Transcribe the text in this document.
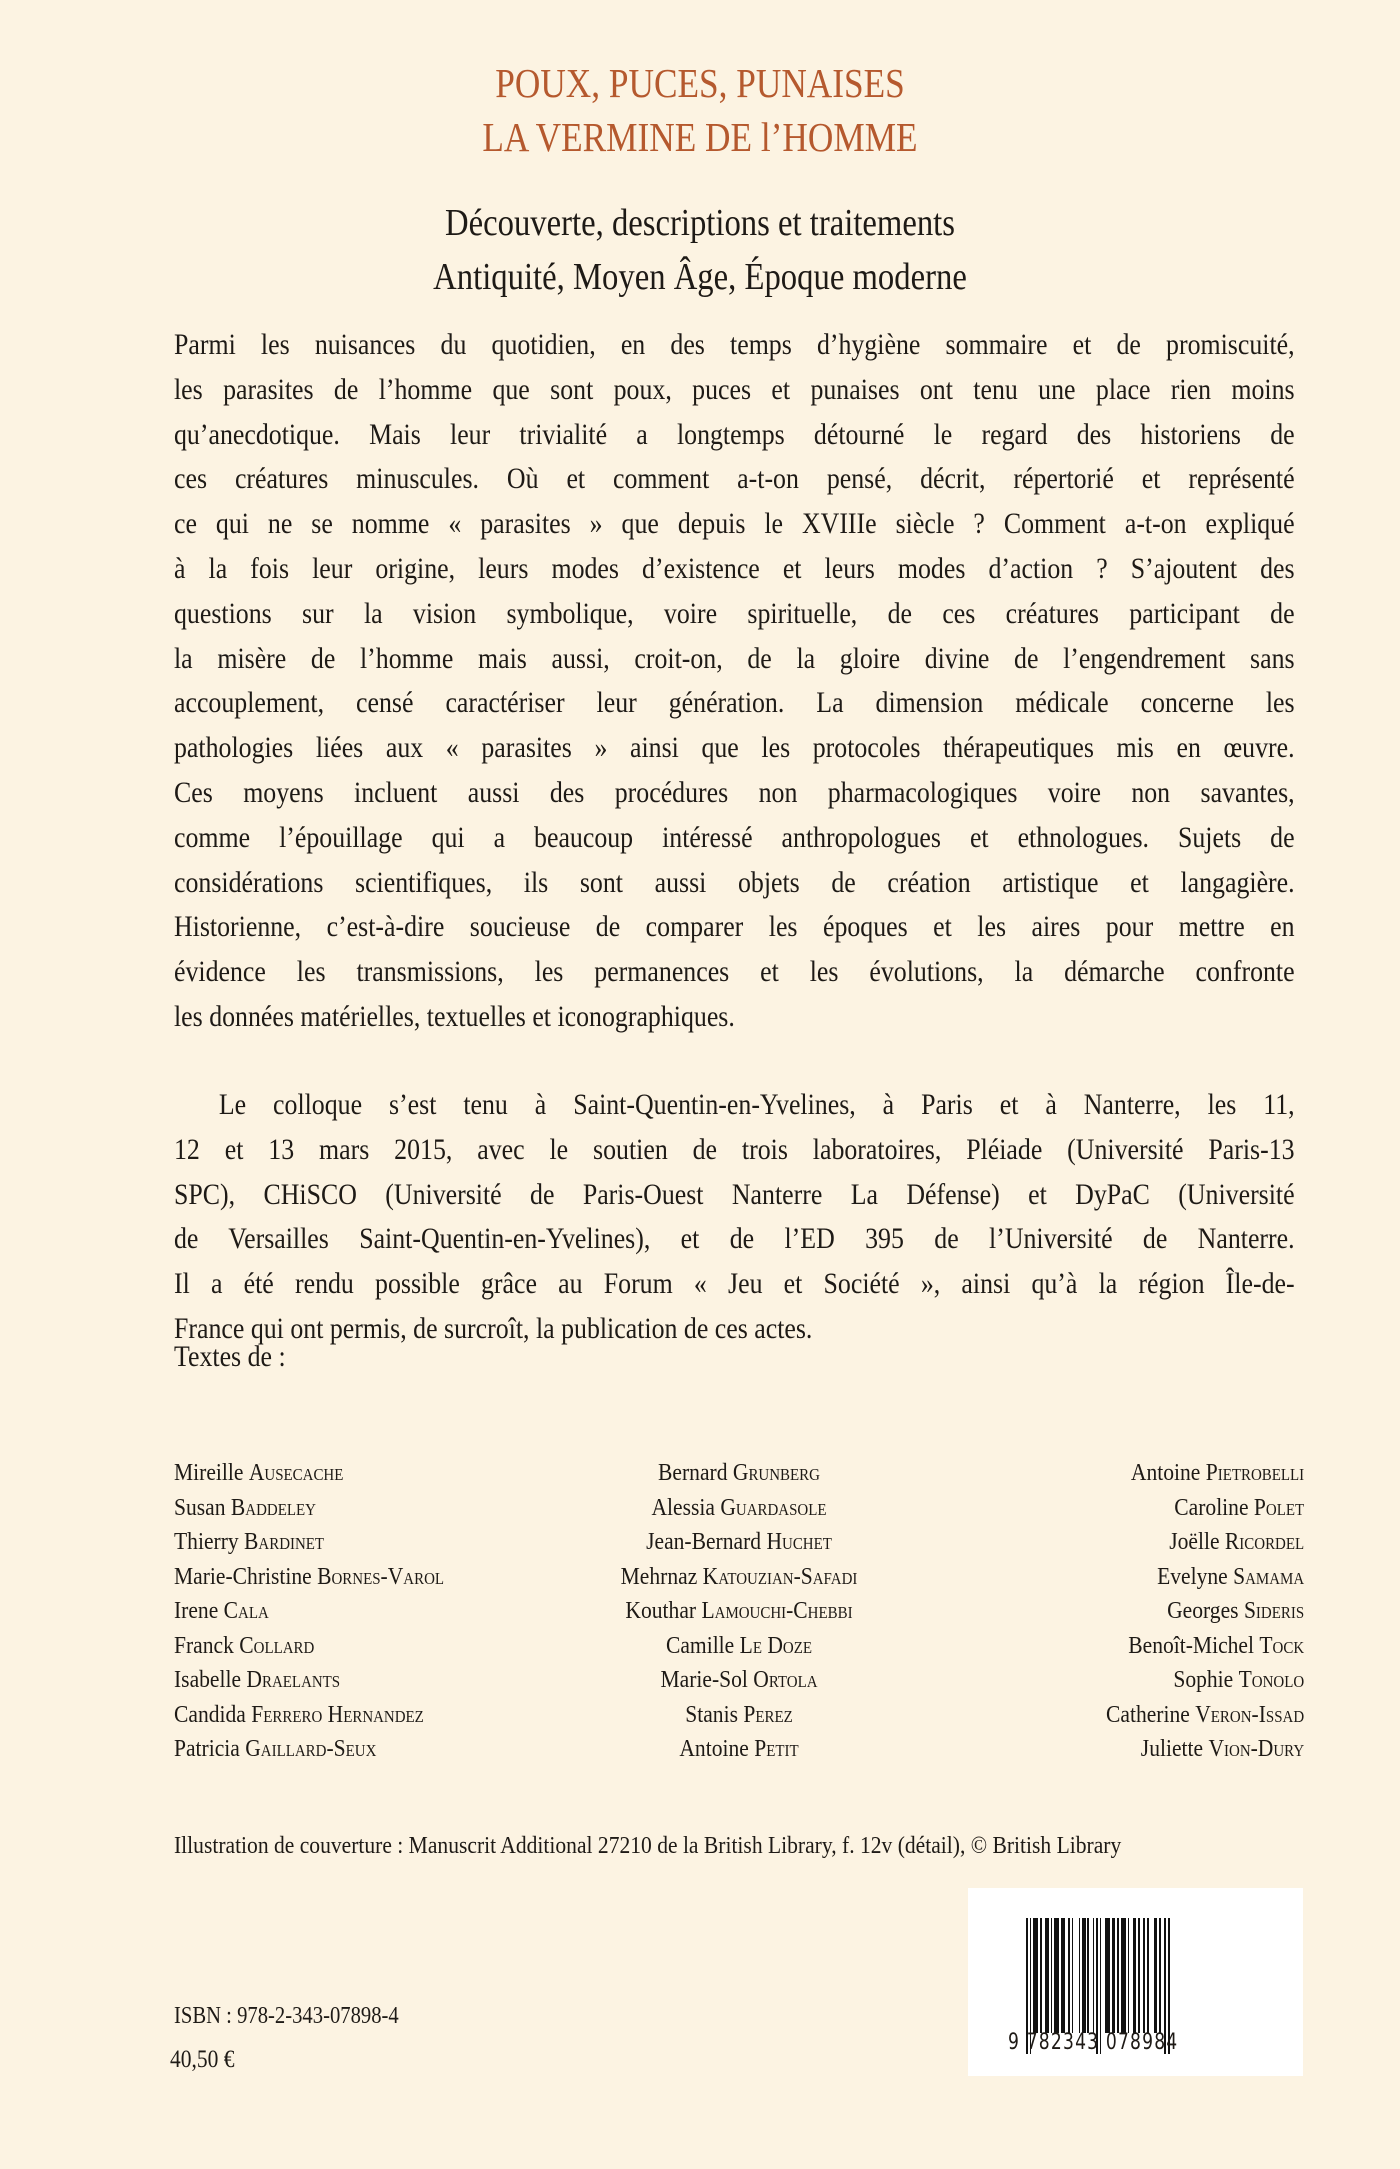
POUX, PUCES, PUNAISES
LA VERMINE DE l’HOMME
Découverte, descriptions et traitements
Antiquité, Moyen Âge, Époque moderne
Parmi les nuisances du quotidien, en des temps d’hygiène sommaire et de promiscuité,
les parasites de l’homme que sont poux, puces et punaises ont tenu une place rien moins
qu’anecdotique. Mais leur trivialité a longtemps détourné le regard des historiens de
ces créatures minuscules. Où et comment a-t-on pensé, décrit, répertorié et représenté
ce qui ne se nomme « parasites » que depuis le XVIIIe siècle ? Comment a-t-on expliqué
à la fois leur origine, leurs modes d’existence et leurs modes d’action ? S’ajoutent des
questions sur la vision symbolique, voire spirituelle, de ces créatures participant de
la misère de l’homme mais aussi, croit-on, de la gloire divine de l’engendrement sans
accouplement, censé caractériser leur génération. La dimension médicale concerne les
pathologies liées aux « parasites » ainsi que les protocoles thérapeutiques mis en œuvre.
Ces moyens incluent aussi des procédures non pharmacologiques voire non savantes,
comme l’épouillage qui a beaucoup intéressé anthropologues et ethnologues. Sujets de
considérations scientifiques, ils sont aussi objets de création artistique et langagière.
Historienne, c’est-à-dire soucieuse de comparer les époques et les aires pour mettre en
évidence les transmissions, les permanences et les évolutions, la démarche confronte
les données matérielles, textuelles et iconographiques.
Le colloque s’est tenu à Saint-Quentin-en-Yvelines, à Paris et à Nanterre, les 11,
12 et 13 mars 2015, avec le soutien de trois laboratoires, Pléiade (Université Paris-13
SPC), CHiSCO (Université de Paris-Ouest Nanterre La Défense) et DyPaC (Université
de Versailles Saint-Quentin-en-Yvelines), et de l’ED 395 de l’Université de Nanterre.
Il a été rendu possible grâce au Forum « Jeu et Société », ainsi qu’à la région Île-de-
France qui ont permis, de surcroît, la publication de ces actes.
Textes de :
Mireille Ausecache
Susan Baddeley
Thierry Bardinet
Marie-Christine Bornes-Varol
Irene Cala
Franck Collard
Isabelle Draelants
Candida Ferrero Hernandez
Patricia Gaillard-Seux
Bernard Grunberg
Alessia Guardasole
Jean-Bernard Huchet
Mehrnaz Katouzian-Safadi
Kouthar Lamouchi-Chebbi
Camille Le Doze
Marie-Sol Ortola
Stanis Perez
Antoine Petit
Antoine Pietrobelli
Caroline Polet
Joëlle Ricordel
Evelyne Samama
Georges Sideris
Benoît-Michel Tock
Sophie Tonolo
Catherine Veron-Issad
Juliette Vion-Dury
Illustration de couverture : Manuscrit Additional 27210 de la British Library, f. 12v (détail), © British Library
9 782343 078984
ISBN : 978-2-343-07898-4
40,50 €
